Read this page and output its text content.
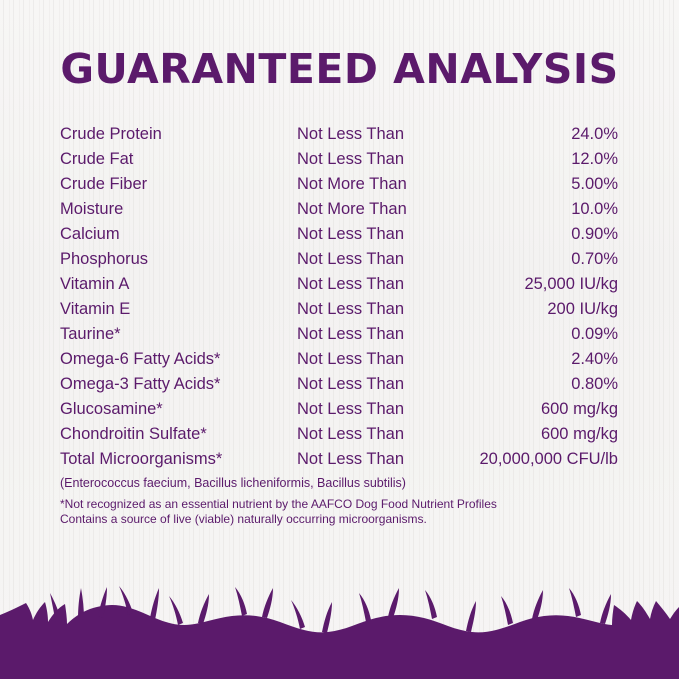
GUARANTEED ANALYSIS
Crude Protein	Not Less Than	24.0%
Crude Fat	Not Less Than	12.0%
Crude Fiber	Not More Than	5.00%
Moisture	Not More Than	10.0%
Calcium	Not Less Than	0.90%
Phosphorus	Not Less Than	0.70%
Vitamin A	Not Less Than	25,000 IU/kg
Vitamin E	Not Less Than	200 IU/kg
Taurine*	Not Less Than	0.09%
Omega-6 Fatty Acids*	Not Less Than	2.40%
Omega-3 Fatty Acids*	Not Less Than	0.80%
Glucosamine*	Not Less Than	600 mg/kg
Chondroitin Sulfate*	Not Less Than	600 mg/kg
Total Microorganisms*	Not Less Than	20,000,000 CFU/lb
(Enterococcus faecium, Bacillus licheniformis, Bacillus subtilis)
*Not recognized as an essential nutrient by the AAFCO Dog Food Nutrient Profiles
Contains a source of live (viable) naturally occurring microorganisms.
